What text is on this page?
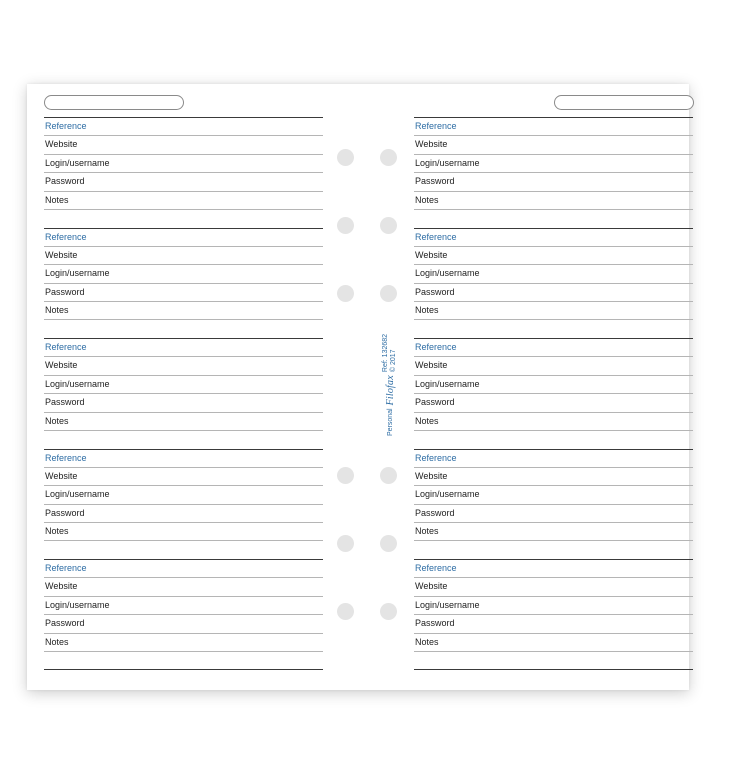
Reference
Website
Login/username
Password
Notes
Reference
Website
Login/username
Password
Notes
Reference
Website
Login/username
Password
Notes
Reference
Website
Login/username
Password
Notes
Reference
Website
Login/username
Password
Notes
Reference
Website
Login/username
Password
Notes
Reference
Website
Login/username
Password
Notes
Reference
Website
Login/username
Password
Notes
Reference
Website
Login/username
Password
Notes
Reference
Website
Login/username
Password
Notes
Personal
Filofax
Ref: 132682 © 2017
